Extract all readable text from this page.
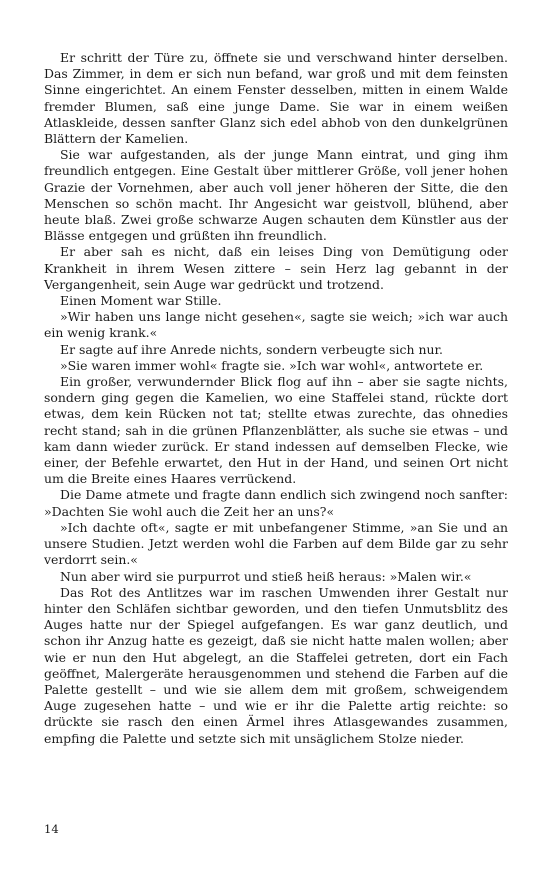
Er schritt der Türe zu, öffnete sie und verschwand hinter derselben. Das Zimmer, in dem er sich nun befand, war groß und mit dem feinsten Sinne eingerichtet. An einem Fenster desselben, mitten in einem Walde fremder Blumen, saß eine junge Dame. Sie war in einem weißen Atlaskleide, dessen sanfter Glanz sich edel abhob von den dunkelgrünen Blättern der Kamelien.

Sie war aufgestanden, als der junge Mann eintrat, und ging ihm freundlich entgegen. Eine Gestalt über mittlerer Größe, voll jener hohen Grazie der Vornehmen, aber auch voll jener höheren der Sitte, die den Menschen so schön macht. Ihr Angesicht war geistvoll, blühend, aber heute blaß. Zwei große schwarze Augen schauten dem Künstler aus der Blässe entgegen und grüßten ihn freundlich.

Er aber sah es nicht, daß ein leises Ding von Demütigung oder Krankheit in ihrem Wesen zittere – sein Herz lag gebannt in der Vergangenheit, sein Auge war gedrückt und trotzend.

Einen Moment war Stille.

»Wir haben uns lange nicht gesehen«, sagte sie weich; »ich war auch ein wenig krank.«

Er sagte auf ihre Anrede nichts, sondern verbeugte sich nur.

»Sie waren immer wohl« fragte sie. »Ich war wohl«, antwortete er.

Ein großer, verwundernder Blick flog auf ihn – aber sie sagte nichts, sondern ging gegen die Kamelien, wo eine Staffelei stand, rückte dort etwas, dem kein Rücken not tat; stellte etwas zurechte, das ohnedies recht stand; sah in die grünen Pflanzenblätter, als suche sie etwas – und kam dann wieder zurück. Er stand indessen auf demselben Flecke, wie einer, der Befehle erwartet, den Hut in der Hand, und seinen Ort nicht um die Breite eines Haares verrückend.

Die Dame atmete und fragte dann endlich sich zwingend noch sanfter: »Dachten Sie wohl auch die Zeit her an uns?«

»Ich dachte oft«, sagte er mit unbefangener Stimme, »an Sie und an unsere Studien. Jetzt werden wohl die Farben auf dem Bilde gar zu sehr verdorrt sein.«

Nun aber wird sie purpurrot und stieß heiß heraus: »Malen wir.«

Das Rot des Antlitzes war im raschen Umwenden ihrer Gestalt nur hinter den Schläfen sichtbar geworden, und den tiefen Unmutsblitz des Auges hatte nur der Spiegel aufgefangen. Es war ganz deutlich, und schon ihr Anzug hatte es gezeigt, daß sie nicht hatte malen wollen; aber wie er nun den Hut abgelegt, an die Staffelei getreten, dort ein Fach geöffnet, Malergeräte herausgenommen und stehend die Farben auf die Palette gestellt – und wie sie allem dem mit großem, schweigendem Auge zugesehen hatte – und wie er ihr die Palette artig reichte: so drückte sie rasch den einen Ärmel ihres Atlasgewandes zusammen, empfing die Palette und setzte sich mit unsäglichem Stolze nieder.

14
